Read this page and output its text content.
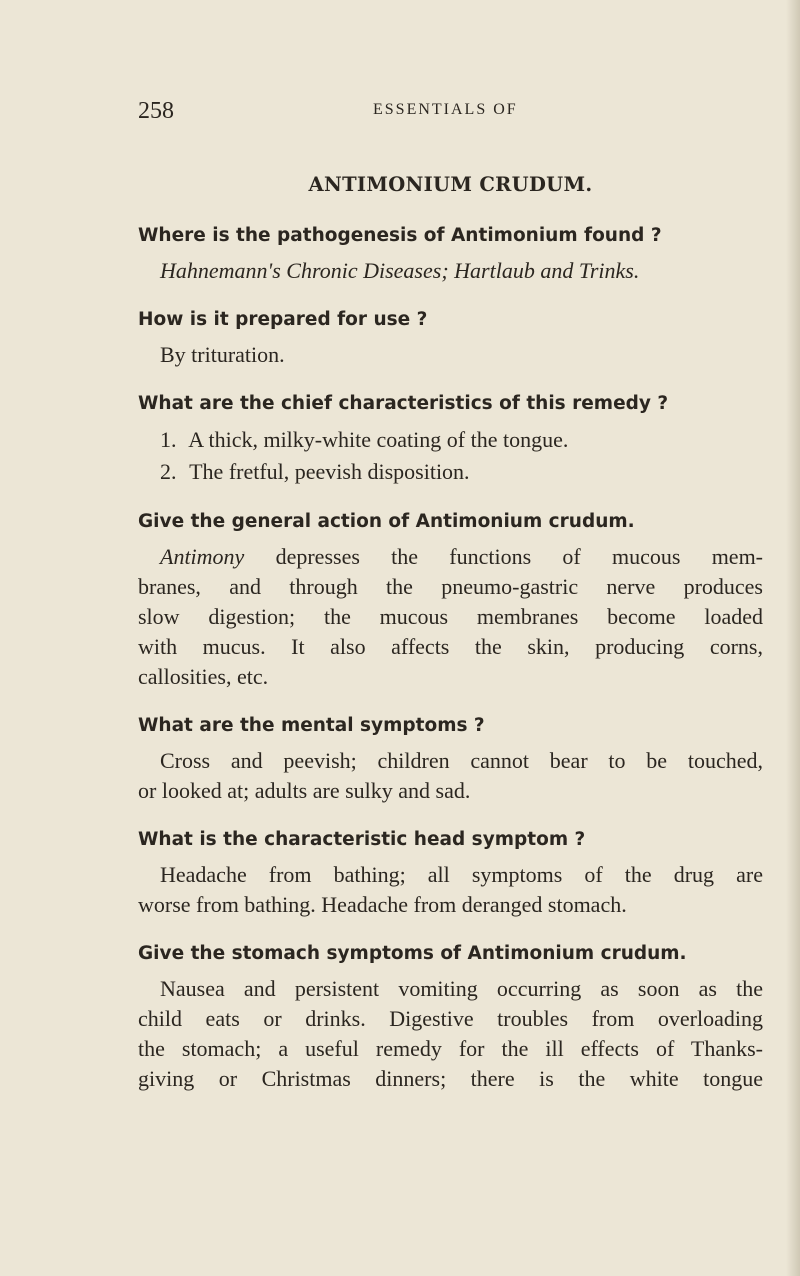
258	ESSENTIALS OF
ANTIMONIUM CRUDUM.

Where is the pathogenesis of Antimonium found ?

Hahnemann's Chronic Diseases; Hartlaub and Trinks.

How is it prepared for use ?

By trituration.

What are the chief characteristics of this remedy ?

1. A thick, milky-white coating of the tongue.

2. The fretful, peevish disposition.

Give the general action of Antimonium crudum.

Antimony depresses the functions of mucous mem-
branes, and through the pneumo-gastric nerve produces
slow digestion; the mucous membranes become loaded
with mucus. It also affects the skin, producing corns,
callosities, etc.

What are the mental symptoms ?

Cross and peevish; children cannot bear to be touched,
or looked at; adults are sulky and sad.

What is the characteristic head symptom ?

Headache from bathing; all symptoms of the drug are
worse from bathing. Headache from deranged stomach.

Give the stomach symptoms of Antimonium crudum.

Nausea and persistent vomiting occurring as soon as the
child eats or drinks. Digestive troubles from overloading
the stomach; a useful remedy for the ill effects of Thanks-
giving or Christmas dinners; there is the white tongue
